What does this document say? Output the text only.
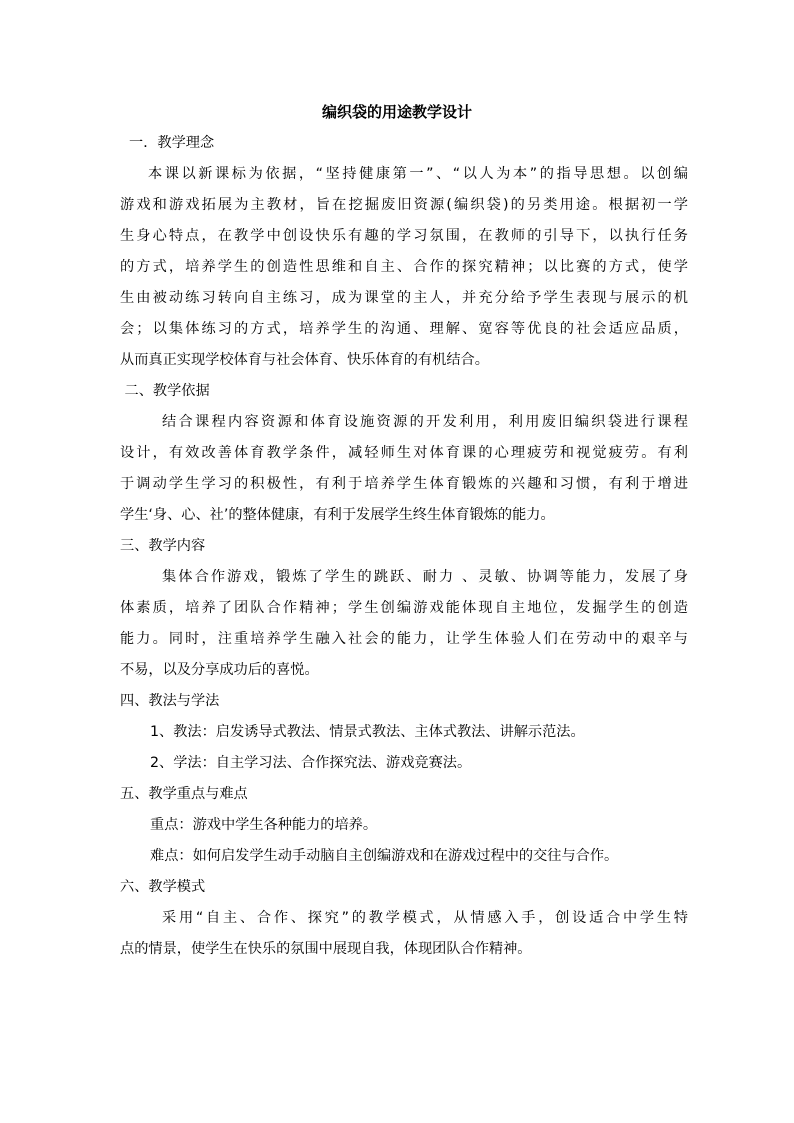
编织袋的用途教学设计
一．教学理念
本课以新课标为依据，“坚持健康第一”、“以人为本”的指导思想。以创编
游戏和游戏拓展为主教材，旨在挖掘废旧资源(编织袋)的另类用途。根据初一学
生身心特点，在教学中创设快乐有趣的学习氛围，在教师的引导下，以执行任务
的方式，培养学生的创造性思维和自主、合作的探究精神；以比赛的方式，使学
生由被动练习转向自主练习，成为课堂的主人，并充分给予学生表现与展示的机
会；以集体练习的方式，培养学生的沟通、理解、宽容等优良的社会适应品质，
从而真正实现学校体育与社会体育、快乐体育的有机结合。
二、教学依据
结合课程内容资源和体育设施资源的开发利用，利用废旧编织袋进行课程
设计，有效改善体育教学条件，减轻师生对体育课的心理疲劳和视觉疲劳。有利
于调动学生学习的积极性，有利于培养学生体育锻炼的兴趣和习惯，有利于增进
学生‘身、心、社’的整体健康，有利于发展学生终生体育锻炼的能力。
三、教学内容
集体合作游戏，锻炼了学生的跳跃、耐力 、灵敏、协调等能力，发展了身
体素质，培养了团队合作精神；学生创编游戏能体现自主地位，发掘学生的创造
能力。同时，注重培养学生融入社会的能力，让学生体验人们在劳动中的艰辛与
不易，以及分享成功后的喜悦。
四、教法与学法
1、教法：启发诱导式教法、情景式教法、主体式教法、讲解示范法。
2、学法：自主学习法、合作探究法、游戏竞赛法。
五、教学重点与难点
重点：游戏中学生各种能力的培养。
难点：如何启发学生动手动脑自主创编游戏和在游戏过程中的交往与合作。
六、教学模式
采用“自主、合作、探究”的教学模式，从情感入手，创设适合中学生特
点的情景，使学生在快乐的氛围中展现自我，体现团队合作精神。
